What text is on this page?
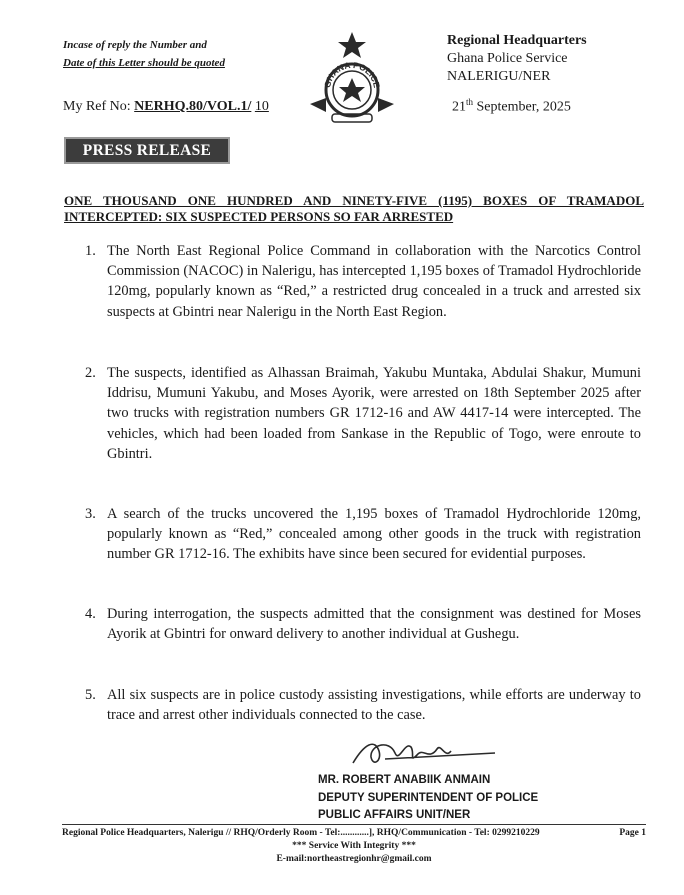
Incase of reply the Number and
Date of this Letter should be quoted
GHANA POLICE
Regional Headquarters
Ghana Police Service
NALERIGU/NER
My Ref No: NERHQ.80/VOL.1/ 10	21th September, 2025
PRESS RELEASE
ONE THOUSAND ONE HUNDRED AND NINETY-FIVE (1195) BOXES OF TRAMADOL INTERCEPTED: SIX SUSPECTED PERSONS SO FAR ARRESTED
1. The North East Regional Police Command in collaboration with the Narcotics Control Commission (NACOC) in Nalerigu, has intercepted 1,195 boxes of Tramadol Hydrochloride 120mg, popularly known as “Red,” a restricted drug concealed in a truck and arrested six suspects at Gbintri near Nalerigu in the North East Region.
2. The suspects, identified as Alhassan Braimah, Yakubu Muntaka, Abdulai Shakur, Mumuni Iddrisu, Mumuni Yakubu, and Moses Ayorik, were arrested on 18th September 2025 after two trucks with registration numbers GR 1712-16 and AW 4417-14 were intercepted. The vehicles, which had been loaded from Sankase in the Republic of Togo, were enroute to Gbintri.
3. A search of the trucks uncovered the 1,195 boxes of Tramadol Hydrochloride 120mg, popularly known as “Red,” concealed among other goods in the truck with registration number GR 1712-16. The exhibits have since been secured for evidential purposes.
4. During interrogation, the suspects admitted that the consignment was destined for Moses Ayorik at Gbintri for onward delivery to another individual at Gushegu.
5. All six suspects are in police custody assisting investigations, while efforts are underway to trace and arrest other individuals connected to the case.
MR. ROBERT ANABIIK ANMAIN
DEPUTY SUPERINTENDENT OF POLICE
PUBLIC AFFAIRS UNIT/NER
Regional Police Headquarters, Nalerigu // RHQ/Orderly Room - Tel:............], RHQ/Communication - Tel: 0299210229	Page 1
*** Service With Integrity ***
E-mail:northeastregionhr@gmail.com
